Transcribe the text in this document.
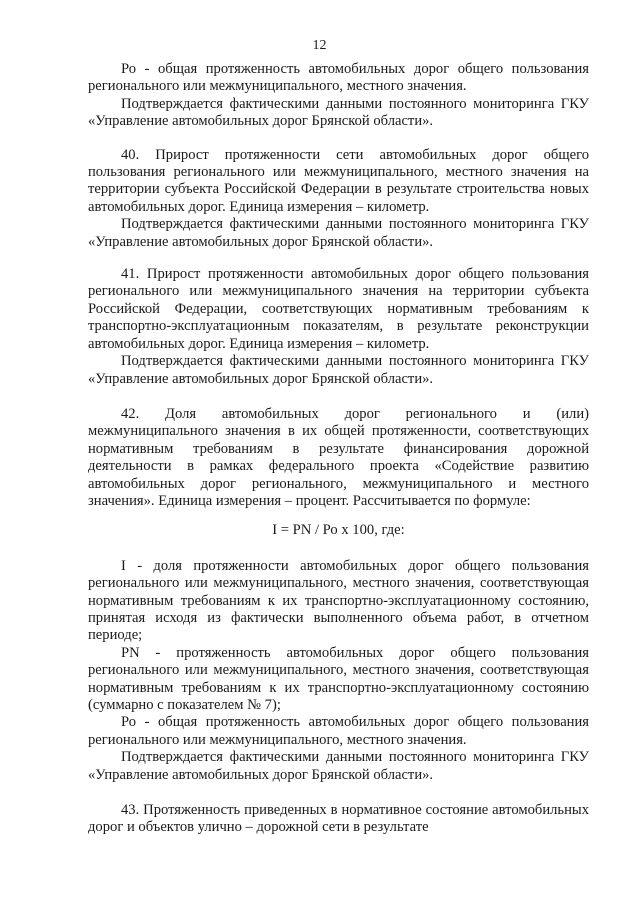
12

Ро - общая протяженность автомобильных дорог общего пользования регионального или межмуниципального, местного значения.

Подтверждается фактическими данными постоянного мониторинга ГКУ «Управление автомобильных дорог Брянской области».

40. Прирост протяженности сети автомобильных дорог общего пользования регионального или межмуниципального, местного значения на территории субъекта Российской Федерации в результате строительства новых автомобильных дорог. Единица измерения – километр.

Подтверждается фактическими данными постоянного мониторинга ГКУ «Управление автомобильных дорог Брянской области».

41. Прирост протяженности автомобильных дорог общего пользования регионального или межмуниципального значения на территории субъекта Российской Федерации, соответствующих нормативным требованиям к транспортно-эксплуатационным показателям, в результате реконструкции автомобильных дорог. Единица измерения – километр.

Подтверждается фактическими данными постоянного мониторинга ГКУ «Управление автомобильных дорог Брянской области».

42. Доля автомобильных дорог регионального и (или) межмуниципального значения в их общей протяженности, соответствующих нормативным требованиям в результате финансирования дорожной деятельности в рамках федерального проекта «Содействие развитию автомобильных дорог регионального, межмуниципального и местного значения». Единица измерения – процент. Рассчитывается по формуле:

I = PN / Ро х 100, где:

I - доля протяженности автомобильных дорог общего пользования регионального или межмуниципального, местного значения, соответствующая нормативным требованиям к их транспортно-эксплуатационному состоянию, принятая исходя из фактически выполненного объема работ, в отчетном периоде;

PN - протяженность автомобильных дорог общего пользования регионального или межмуниципального, местного значения, соответствующая нормативным требованиям к их транспортно-эксплуатационному состоянию (суммарно с показателем № 7);

Ро - общая протяженность автомобильных дорог общего пользования регионального или межмуниципального, местного значения.

Подтверждается фактическими данными постоянного мониторинга ГКУ «Управление автомобильных дорог Брянской области».

43. Протяженность приведенных в нормативное состояние автомобильных дорог и объектов улично – дорожной сети в результате
